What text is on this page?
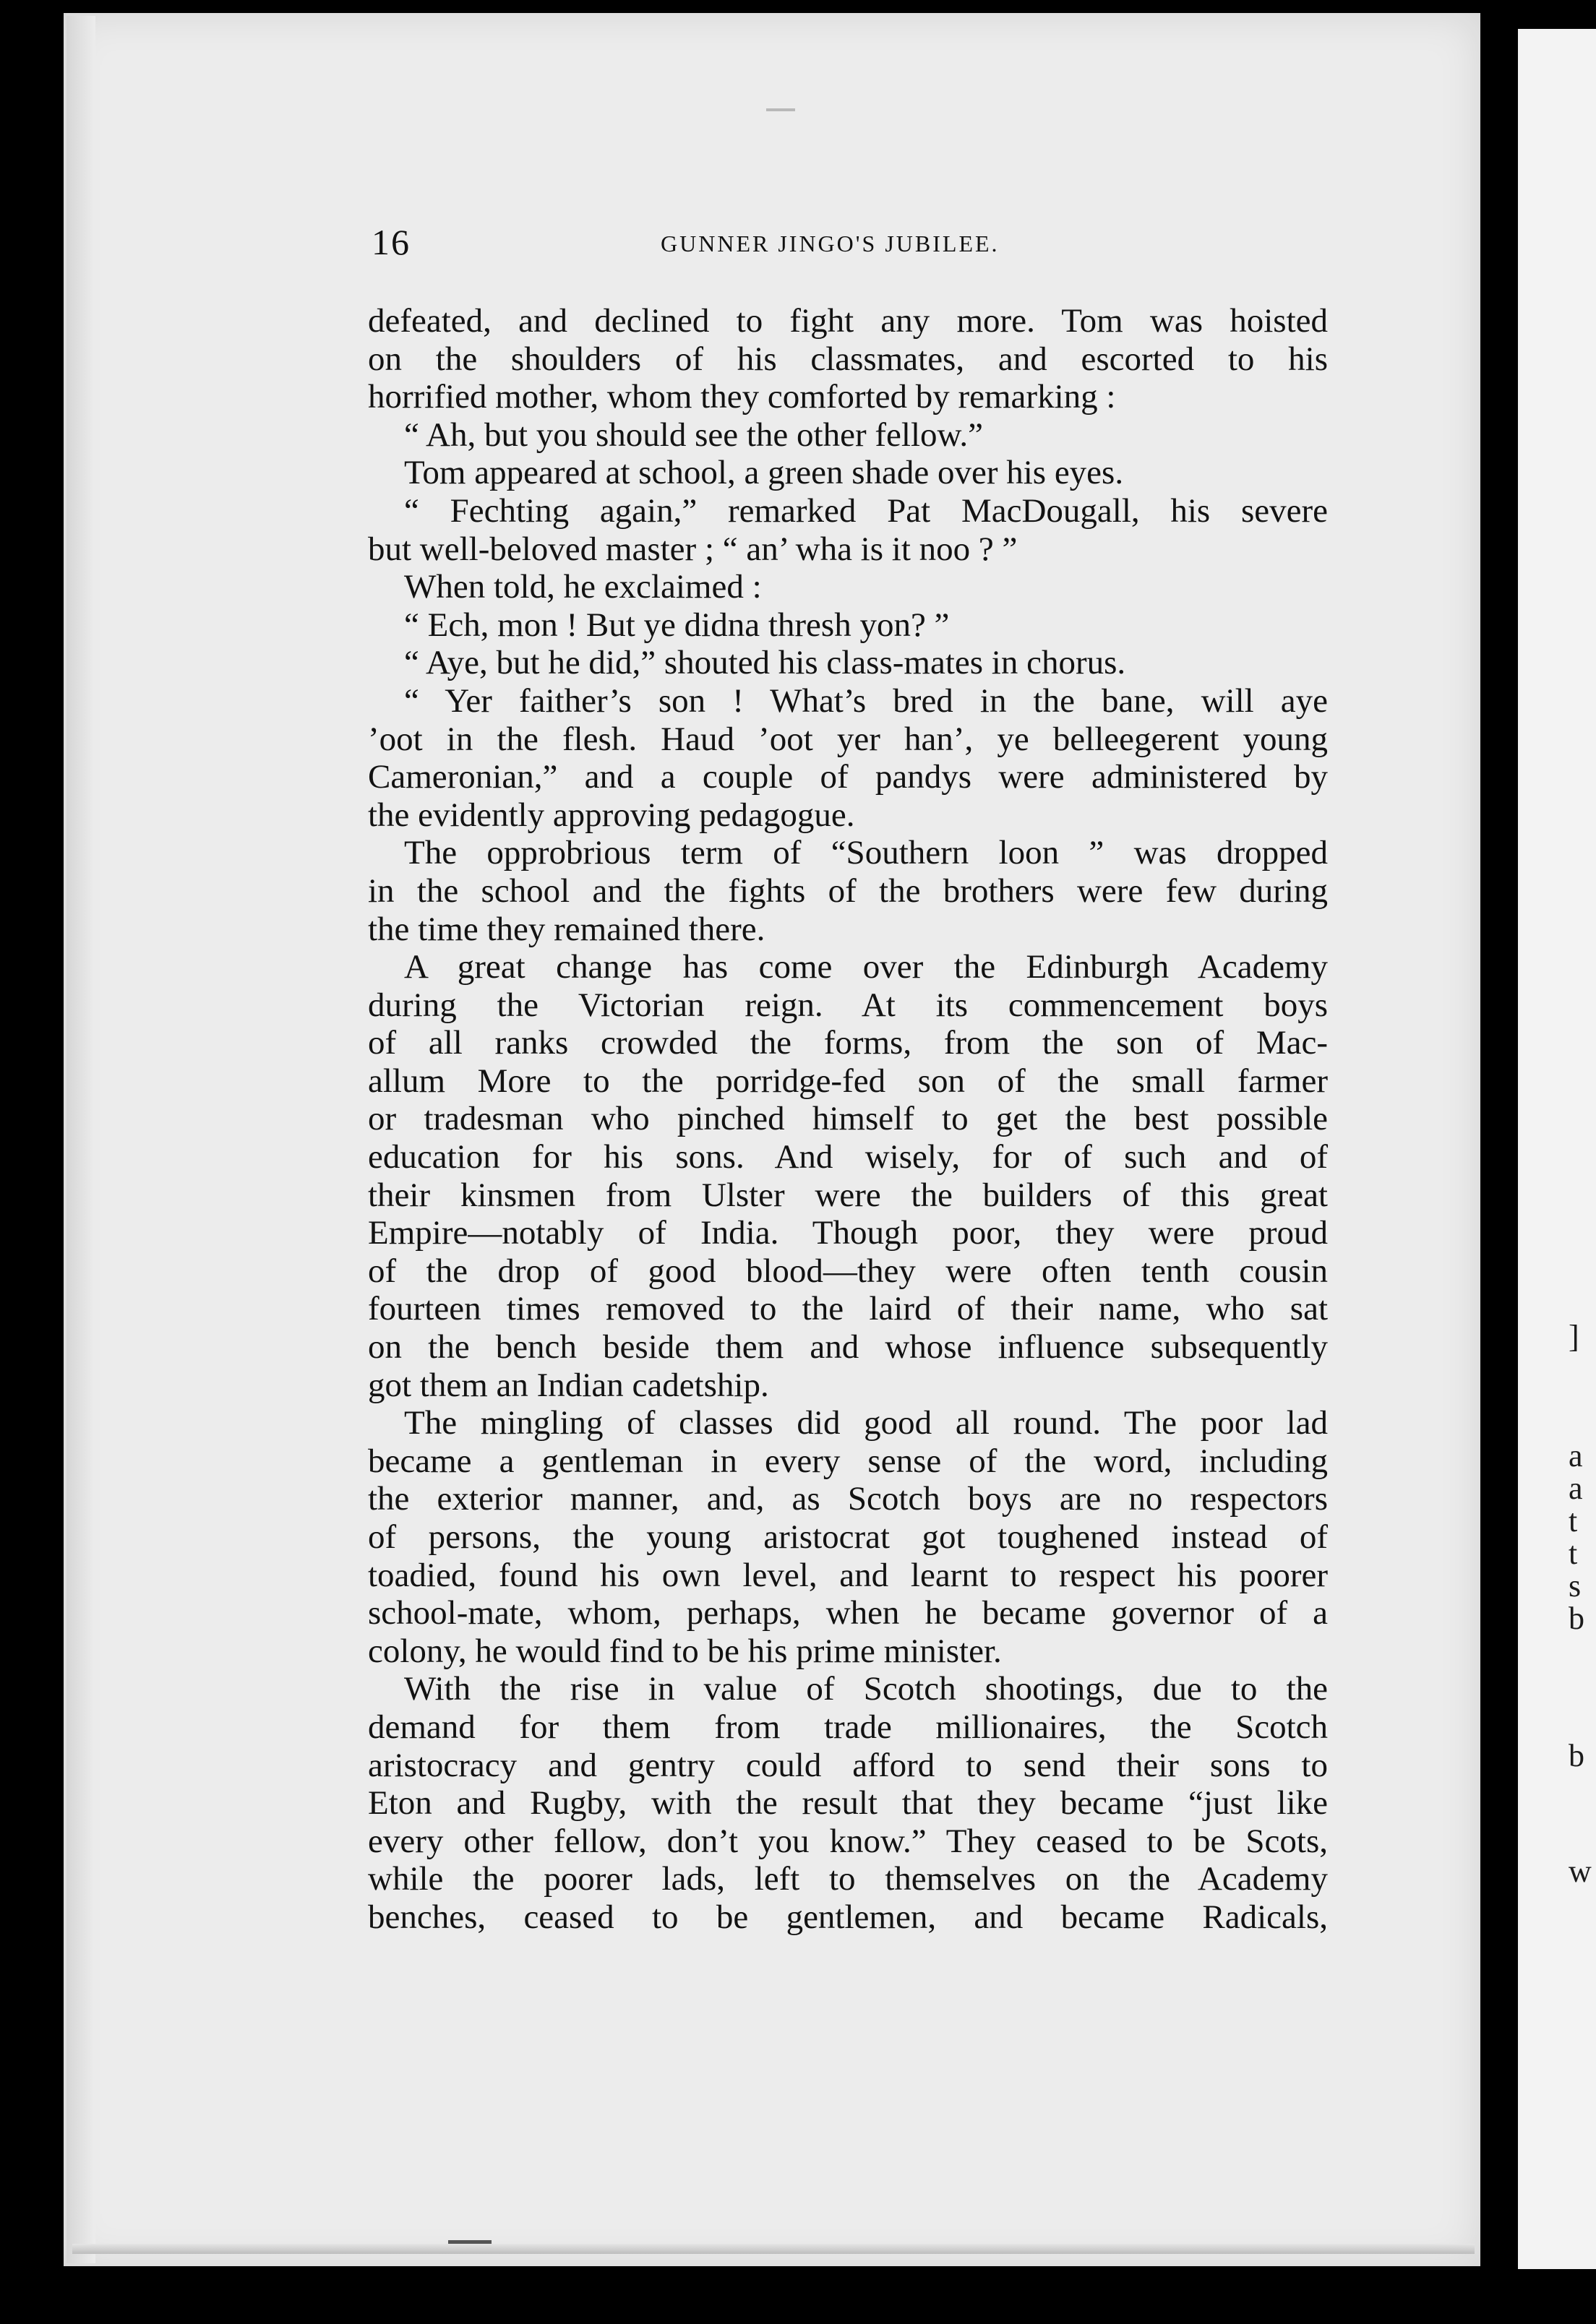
]
a
a
t
t
s
b
b
w
16	GUNNER JINGO'S JUBILEE.
defeated, and declined to fight any more. Tom was hoisted
on the shoulders of his classmates, and escorted to his
horrified mother, whom they comforted by remarking :
“ Ah, but you should see the other fellow.”
Tom appeared at school, a green shade over his eyes.
“ Fechting again,” remarked Pat MacDougall, his severe
but well-beloved master ; “ an’ wha is it noo ? ”
When told, he exclaimed :
“ Ech, mon ! But ye didna thresh yon? ”
“ Aye, but he did,” shouted his class-mates in chorus.
“ Yer faither’s son ! What’s bred in the bane, will aye
’oot in the flesh. Haud ’oot yer han’, ye belleegerent young
Cameronian,” and a couple of pandys were administered by
the evidently approving pedagogue.
The opprobrious term of “Southern loon ” was dropped
in the school and the fights of the brothers were few during
the time they remained there.
A great change has come over the Edinburgh Academy
during the Victorian reign. At its commencement boys
of all ranks crowded the forms, from the son of Mac-
allum More to the porridge-fed son of the small farmer
or tradesman who pinched himself to get the best possible
education for his sons. And wisely, for of such and of
their kinsmen from Ulster were the builders of this great
Empire—notably of India. Though poor, they were proud
of the drop of good blood—they were often tenth cousin
fourteen times removed to the laird of their name, who sat
on the bench beside them and whose influence subsequently
got them an Indian cadetship.
The mingling of classes did good all round. The poor lad
became a gentleman in every sense of the word, including
the exterior manner, and, as Scotch boys are no respectors
of persons, the young aristocrat got toughened instead of
toadied, found his own level, and learnt to respect his poorer
school-mate, whom, perhaps, when he became governor of a
colony, he would find to be his prime minister.
With the rise in value of Scotch shootings, due to the
demand for them from trade millionaires, the Scotch
aristocracy and gentry could afford to send their sons to
Eton and Rugby, with the result that they became “just like
every other fellow, don’t you know.” They ceased to be Scots,
while the poorer lads, left to themselves on the Academy
benches, ceased to be gentlemen, and became Radicals,
